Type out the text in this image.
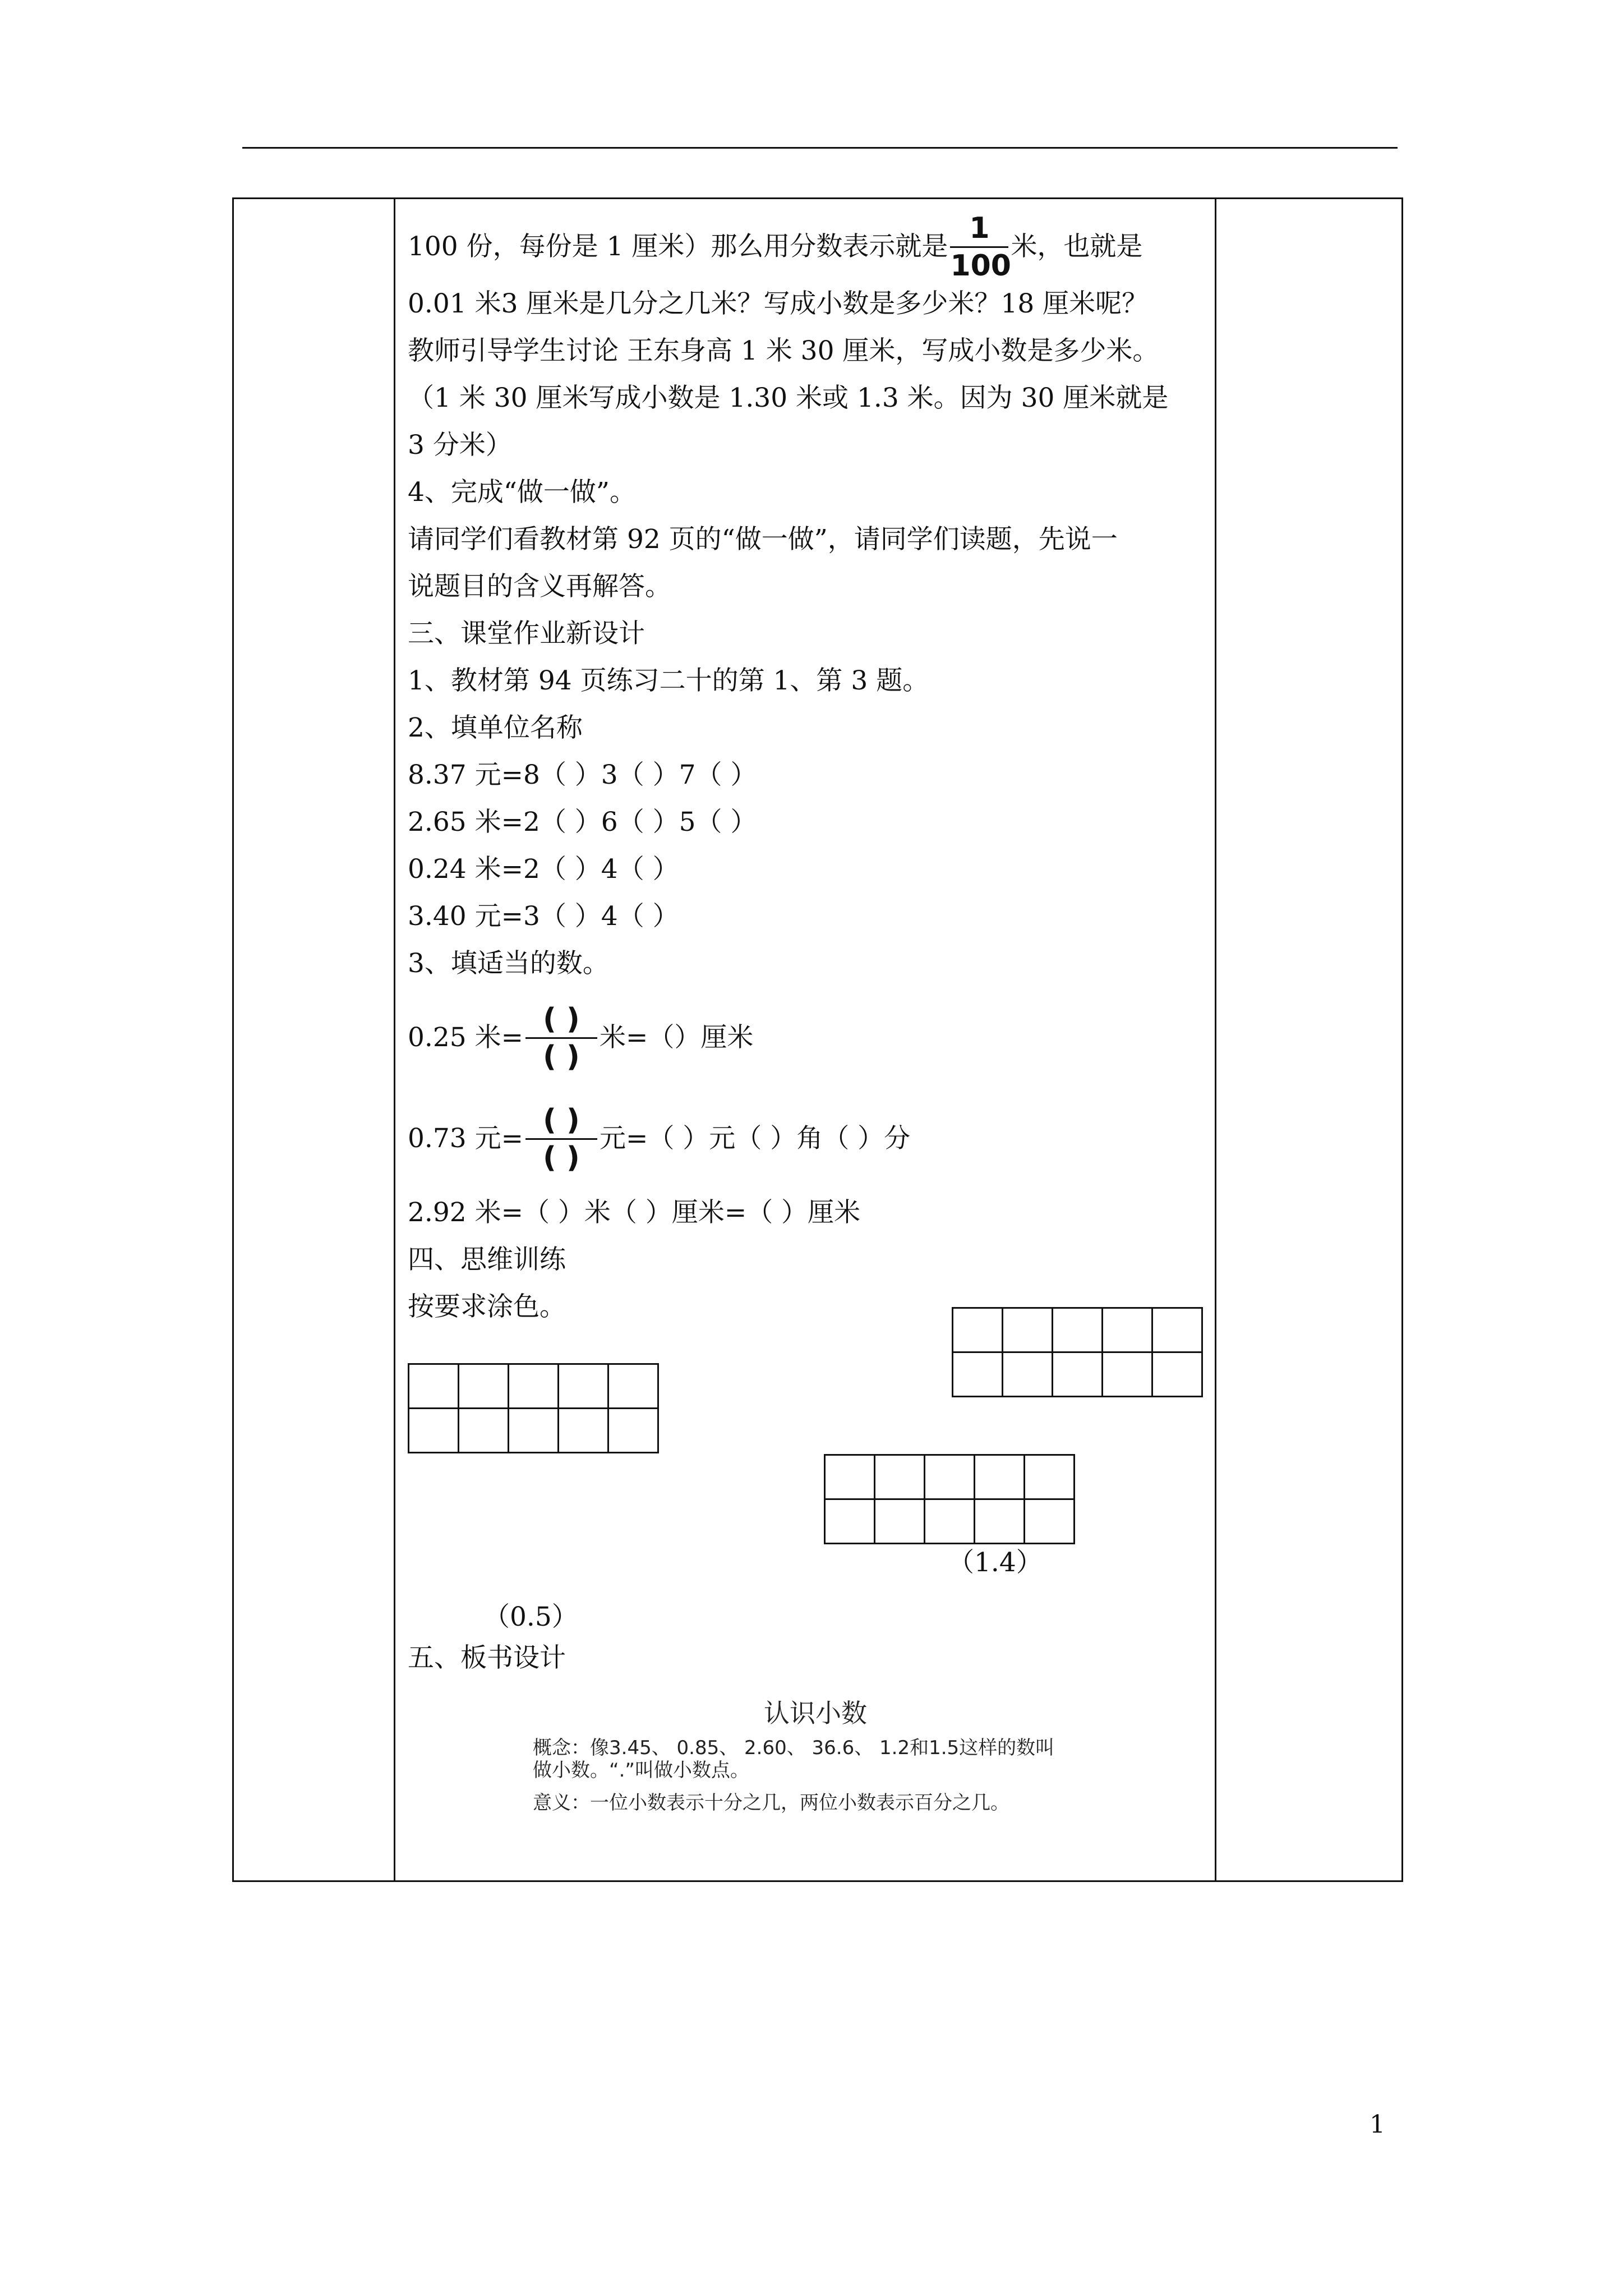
100 份，每份是 1 厘米）那么用分数表示就是 $\frac{1}{100}$ 米，也就是
0.01 米3 厘米是几分之几米？写成小数是多少米？18 厘米呢？
教师引导学生讨论 王东身高 1 米 30 厘米，写成小数是多少米。
（1 米 30 厘米写成小数是 1.30 米或 1.3 米。因为 30 厘米就是
3 分米）
4、完成“做一做”。
请同学们看教材第 92 页的“做一做”，请同学们读题，先说一
说题目的含义再解答。
三、课堂作业新设计
1、教材第 94 页练习二十的第 1、第 3 题。
2、填单位名称
8.37 元=8（ ）3（ ）7（ ）
2.65 米=2（ ）6（ ）5（ ）
0.24 米=2（ ）4（ ）
3.40 元=3（ ）4（ ）
3、填适当的数。
0.25 米= $\frac{( )}{( )}$ 米=（）厘米
0.73 元= $\frac{( )}{( )}$ 元=（ ）元（ ）角（ ）分
2.92 米=（ ）米（ ）厘米=（ ）厘米
四、思维训练
按要求涂色。

（1.4）
（0.5）
五、板书设计
认识小数
概念：像3.45、 0.85、 2.60、 36.6、 1.2和1.5这样的数叫
做小数。“.”叫做小数点。
意义：一位小数表示十分之几，两位小数表示百分之几。
1
